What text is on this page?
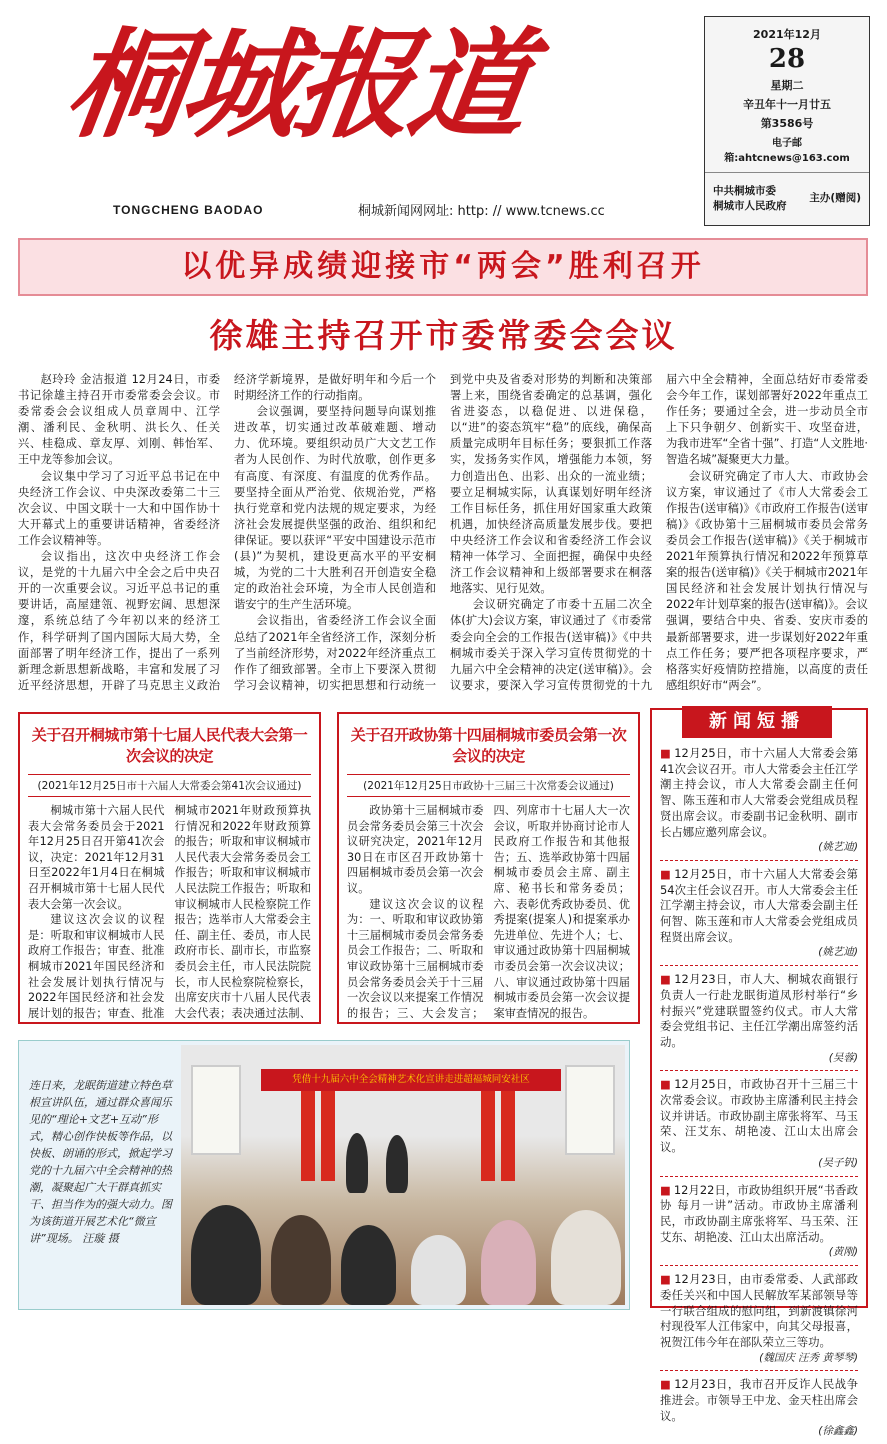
桐城报道
TONGCHENG BAODAO	桐城新闻网网址: http: // www.tcnews.cc
2021年12月
28
星期二
辛丑年十一月廿五
第3586号
电子邮箱:ahtcnews@163.com
中共桐城市委
桐城市人民政府
主办(赠阅)
以优异成绩迎接市“两会”胜利召开
徐雄主持召开市委常委会会议

赵玲玲 金洁报道 12月24日，市委书记徐雄主持召开市委常委会会议。市委常委会会议组成人员章周中、江学潮、潘利民、金秋明、洪长久、任关兴、桂稳成、章友厚、刘刚、韩怡军、王中龙等参加会议。

会议集中学习了习近平总书记在中央经济工作会议、中央深改委第二十三次会议、中国文联十一大和中国作协十大开幕式上的重要讲话精神，省委经济工作会议精神等。

会议指出，这次中央经济工作会议，是党的十九届六中全会之后中央召开的一次重要会议。习近平总书记的重要讲话，高屋建瓴、视野宏阔、思想深邃，系统总结了今年初以来的经济工作，科学研判了国内国际大局大势，全面部署了明年经济工作，提出了一系列新理念新思想新战略，丰富和发展了习近平经济思想，开辟了马克思主义政治经济学新境界，是做好明年和今后一个时期经济工作的行动指南。

会议强调，要坚持问题导向谋划推进改革，切实通过改革破难题、增动力、优环境。要组织动员广大文艺工作者为人民创作、为时代放歌，创作更多有高度、有深度、有温度的优秀作品。要坚持全面从严治党、依规治党，严格执行党章和党内法规的规定要求，为经济社会发展提供坚强的政治、组织和纪律保证。要以获评“平安中国建设示范市(县)”为契机，建设更高水平的平安桐城，为党的二十大胜利召开创造安全稳定的政治社会环境，为全市人民创造和谐安宁的生产生活环境。

会议指出，省委经济工作会议全面总结了2021年全省经济工作，深刻分析了当前经济形势，对2022年经济重点工作作了细致部署。全市上下要深入贯彻学习会议精神，切实把思想和行动统一到党中央及省委对形势的判断和决策部署上来，围绕省委确定的总基调，强化省进姿态，以稳促进、以进保稳，以“进”的姿态筑牢“稳”的底线，确保高质量完成明年目标任务；要狠抓工作落实，发扬务实作风，增强能力本领，努力创造出色、出彩、出众的一流业绩；要立足桐城实际，认真谋划好明年经济工作目标任务，抓住用好国家重大政策机遇，加快经济高质量发展步伐。要把中央经济工作会议和省委经济工作会议精神一体学习、全面把握，确保中央经济工作会议精神和上级部署要求在桐落地落实、见行见效。

会议研究确定了市委十五届二次全体(扩大)会议方案，审议通过了《市委常委会向全会的工作报告(送审稿)》《中共桐城市委关于深入学习宣传贯彻党的十九届六中全会精神的决定(送审稿)》。会议要求，要深入学习宣传贯彻党的十九届六中全会精神，全面总结好市委常委会今年工作，谋划部署好2022年重点工作任务；要通过全会，进一步动员全市上下只争朝夕、创新实干、攻坚奋进，为我市进军“全省十强”、打造“人文胜地·智造名城”凝聚更大力量。

会议研究确定了市人大、市政协会议方案，审议通过了《市人大常委会工作报告(送审稿)》《市政府工作报告(送审稿)》《政协第十三届桐城市委员会常务委员会工作报告(送审稿)》《关于桐城市2021年预算执行情况和2022年预算草案的报告(送审稿)》《关于桐城市2021年国民经济和社会发展计划执行情况与2022年计划草案的报告(送审稿)》。会议强调，要结合中央、省委、安庆市委的最新部署要求，进一步谋划好2022年重点工作任务；要严把各项程序要求，严格落实好疫情防控措施，以高度的责任感组织好市“两会”。

关于召开桐城市第十七届人民代表大会第一次会议的决定
(2021年12月25日市十六届人大常委会第41次会议通过)

桐城市第十六届人民代表大会常务委员会于2021年12月25日召开第41次会议，决定：2021年12月31日至2022年1月4日在桐城召开桐城市第十七届人民代表大会第一次会议。

建议这次会议的议程是：听取和审议桐城市人民政府工作报告；审查、批准桐城市2021年国民经济和社会发展计划执行情况与2022年国民经济和社会发展计划的报告；审查、批准桐城市2021年财政预算执行情况和2022年财政预算的报告；听取和审议桐城市人民代表大会常务委员会工作报告；听取和审议桐城市人民法院工作报告；听取和审议桐城市人民检察院工作报告；选举市人大常委会主任、副主任、委员，市人民政府市长、副市长，市监察委员会主任，市人民法院院长，市人民检察院检察长，出席安庆市十八届人民代表大会代表；表决通过法制、

关于召开政协第十四届桐城市委员会第一次会议的决定
(2021年12月25日市政协十三届三十次常委会议通过)

政协第十三届桐城市委员会常务委员会第三十次会议研究决定，2021年12月30日在市区召开政协第十四届桐城市委员会第一次会议。

建议这次会议的议程为：一、听取和审议政协第十三届桐城市委员会常务委员会工作报告；二、听取和审议政协第十三届桐城市委员会常务委员会关于十三届一次会议以来提案工作情况的报告；三、大会发言；四、列席市十七届人大一次会议，听取并协商讨论市人民政府工作报告和其他报告；五、选举政协第十四届桐城市委员会主席、副主席、秘书长和常务委员；六、表彰优秀政协委员、优秀提案(提案人)和提案承办先进单位、先进个人；七、审议通过政协第十四届桐城市委员会第一次会议决议；八、审议通过政协第十四届桐城市委员会第一次会议提案审查情况的报告。

新闻短播
■ 12月25日，市十六届人大常委会第41次会议召开。市人大常委会主任江学潮主持会议，市人大常委会副主任何智、陈玉莲和市人大常委会党组成员程贤出席会议。市委副书记金秋明、副市长占娜应邀列席会议。
(姚艺迪)
■ 12月25日，市十六届人大常委会第54次主任会议召开。市人大常委会主任江学潮主持会议，市人大常委会副主任何智、陈玉莲和市人大常委会党组成员程贤出席会议。
(姚艺迪)
■ 12月23日，市人大、桐城农商银行负责人一行赴龙眠街道凤形村举行“乡村振兴”党建联盟签约仪式。市人大常委会党组书记、主任江学潮出席签约活动。
(吴蓉)
■ 12月25日，市政协召开十三届三十次常委会议。市政协主席潘利民主持会议并讲话。市政协副主席张将军、马玉荣、汪艾东、胡艳凌、江山太出席会议。
(吴子钒)
■ 12月22日，市政协组织开展“书香政协 每月一讲”活动。市政协主席潘利民，市政协副主席张将军、马玉荣、汪艾东、胡艳凌、江山太出席活动。
(黄刚)
■ 12月23日，由市委常委、人武部政委任关兴和中国人民解放军某部领导等一行联合组成的慰问组，到新渡镇徐河村现役军人江伟家中，向其父母报喜，祝贺江伟今年在部队荣立三等功。
(魏国庆 汪秀 黄琴琴)
■ 12月23日，我市召开反诈人民战争推进会。市领导王中龙、金天柱出席会议。
(徐鑫鑫)
连日来，龙眠街道建立特色草根宣讲队伍，通过群众喜闻乐见的“理论+文艺+互动”形式，精心创作快板等作品，以快板、朗诵的形式，掀起学习党的十九届六中全会精神的热潮，凝聚起广大干群真抓实干、担当作为的强大动力。图为该街道开展艺术化“微宣讲”现场。 汪璇 摄
凭借十九届六中全会精神艺术化宣讲走进超福城同安社区
